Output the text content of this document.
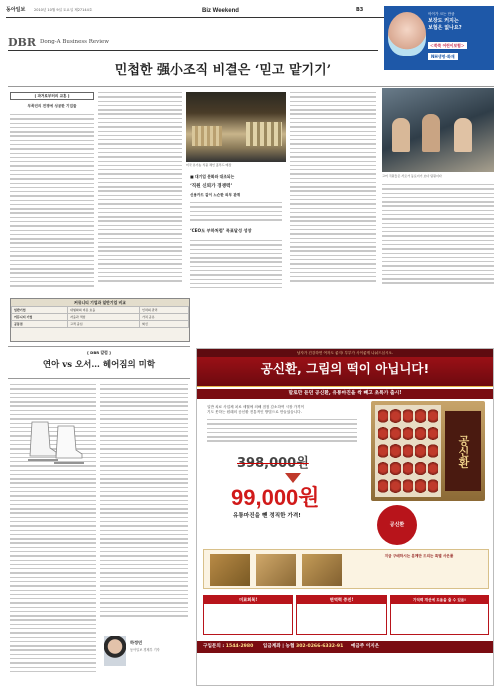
동아일보 2010년 10월 9일 토요일 제27144호	Biz Weekend	B3
아이가 크는 만큼
보장도 커지는
보험은 없나요?
＜쑥쑥 어린이보험＞
NH생명·화재
DBR Dong-A Business Review
민첩한 强小조직 비결은 ‘믿고 맡기기’
[ 과거로부터의 교훈 ]
부족민의 전쟁에 성공한 기업들
미국 유기농 식품 체인 홀푸드 매장
■ 대기업 문화와 대조되는
‘직원 신뢰가 경쟁력’
신용카드 같이 느슨한 외부 관계
‘CEO도 부하처럼’ 목표달성 성장
고어 직원들은 서로가 동료이기 보다 팀원이다
커뮤니티 기업과 일반기업 비교
일반기업	대형화의 비용 효율	인력의 관리
커뮤니티 기업	자율과 책임	가치 공유
공통점	고객 중심	혁신
[ DBR 칼럼 ]
연아 vs 오서… 헤어짐의 미학
하정민
동아일보 경제부 기자
남자가 건강하면 여자도 좋지! 부부가 사이좋게 나눠드십시오.
공신환, 그림의 떡이 아닙니다!
말로만 듣던 공신환, 유통마진을 싹 빼고 초특가 출시!
일반 치료 사업체 치료 세월에 의해 점점 감소하여 시장 가격이
기도 못하는 원래의 공신환 전통적인 방법으로 만들었습니다.
공신환
398,000원
99,000원
유통마진을 뺀 정직한 가격!
공신환
지금 구매하시는 분께만 드리는 특별 사은품
미료회복!	면역력 증진!	기억력 개선에 도움을 줄 수 있음!
구입문의 : 1544-2980 입금계좌 | 농협 302-0266-6332-91 예금주 이지은
